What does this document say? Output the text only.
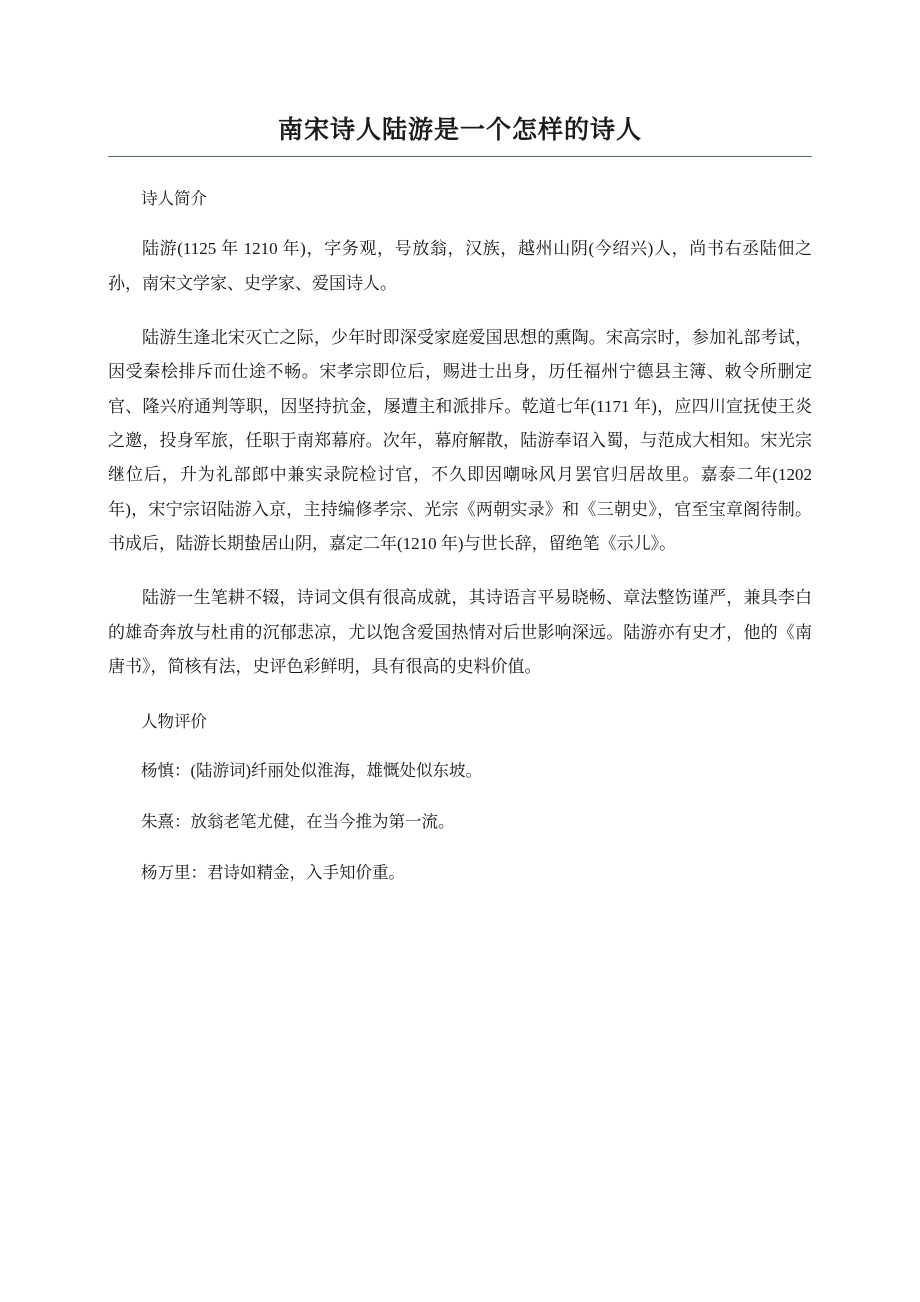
南宋诗人陆游是一个怎样的诗人
诗人简介

陆游(1125 年 1210 年)，字务观，号放翁，汉族，越州山阴(今绍兴)人，尚书右丞陆佃之孙，南宋文学家、史学家、爱国诗人。

陆游生逢北宋灭亡之际，少年时即深受家庭爱国思想的熏陶。宋高宗时，参加礼部考试，因受秦桧排斥而仕途不畅。宋孝宗即位后，赐进士出身，历任福州宁德县主簿、敕令所删定官、隆兴府通判等职，因坚持抗金，屡遭主和派排斥。乾道七年(1171 年)，应四川宣抚使王炎之邀，投身军旅，任职于南郑幕府。次年，幕府解散，陆游奉诏入蜀，与范成大相知。宋光宗继位后，升为礼部郎中兼实录院检讨官，不久即因嘲咏风月罢官归居故里。嘉泰二年(1202 年)，宋宁宗诏陆游入京，主持编修孝宗、光宗《两朝实录》和《三朝史》，官至宝章阁待制。书成后，陆游长期蛰居山阴，嘉定二年(1210 年)与世长辞，留绝笔《示儿》。

陆游一生笔耕不辍，诗词文俱有很高成就，其诗语言平易晓畅、章法整饬谨严，兼具李白的雄奇奔放与杜甫的沉郁悲凉，尤以饱含爱国热情对后世影响深远。陆游亦有史才，他的《南唐书》，简核有法，史评色彩鲜明，具有很高的史料价值。

人物评价

杨慎：(陆游词)纤丽处似淮海，雄慨处似东坡。

朱熹：放翁老笔尤健，在当今推为第一流。

杨万里：君诗如精金，入手知价重。
